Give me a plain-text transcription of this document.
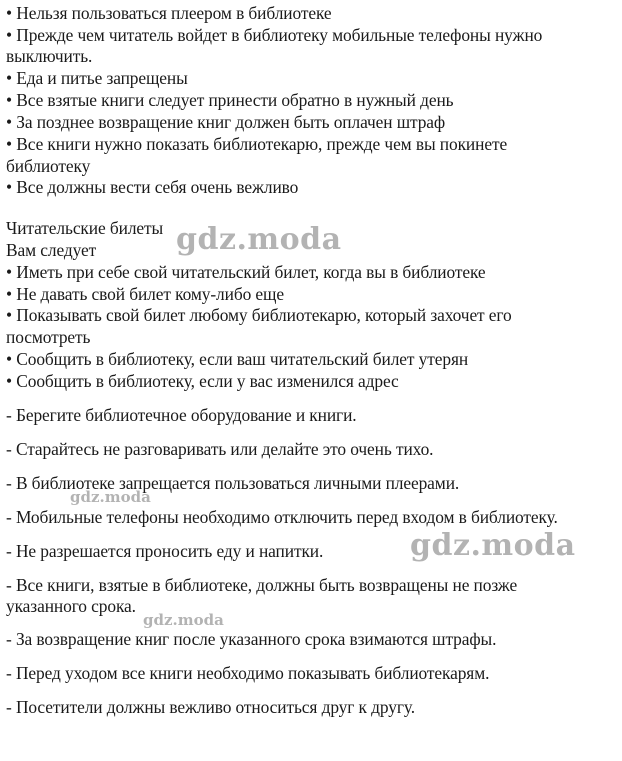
• Нельзя пользоваться плеером в библиотеке
• Прежде чем читатель войдет в библиотеку мобильные телефоны нужно
выключить.
• Еда и питье запрещены
• Все взятые книги следует принести обратно в нужный день
• За позднее возвращение книг должен быть оплачен штраф
• Все книги нужно показать библиотекарю, прежде чем вы покинете
библиотеку
• Все должны вести себя очень вежливо
Читательские билеты
Вам следует
• Иметь при себе свой читательский билет, когда вы в библиотеке
• Не давать свой билет кому-либо еще
• Показывать свой билет любому библиотекарю, который захочет его
посмотреть
• Сообщить в библиотеку, если ваш читательский билет утерян
• Сообщить в библиотеку, если у вас изменился адрес
- Берегите библиотечное оборудование и книги.
- Старайтесь не разговаривать или делайте это очень тихо.
- В библиотеке запрещается пользоваться личными плеерами.
- Мобильные телефоны необходимо отключить перед входом в библиотеку.
- Не разрешается проносить еду и напитки.
- Все книги, взятые в библиотеке, должны быть возвращены не позже
указанного срока.
- За возвращение книг после указанного срока взимаются штрафы.
- Перед уходом все книги необходимо показывать библиотекарям.
- Посетители должны вежливо относиться друг к другу.
gdz.moda
gdz.moda
gdz.moda
gdz.moda
